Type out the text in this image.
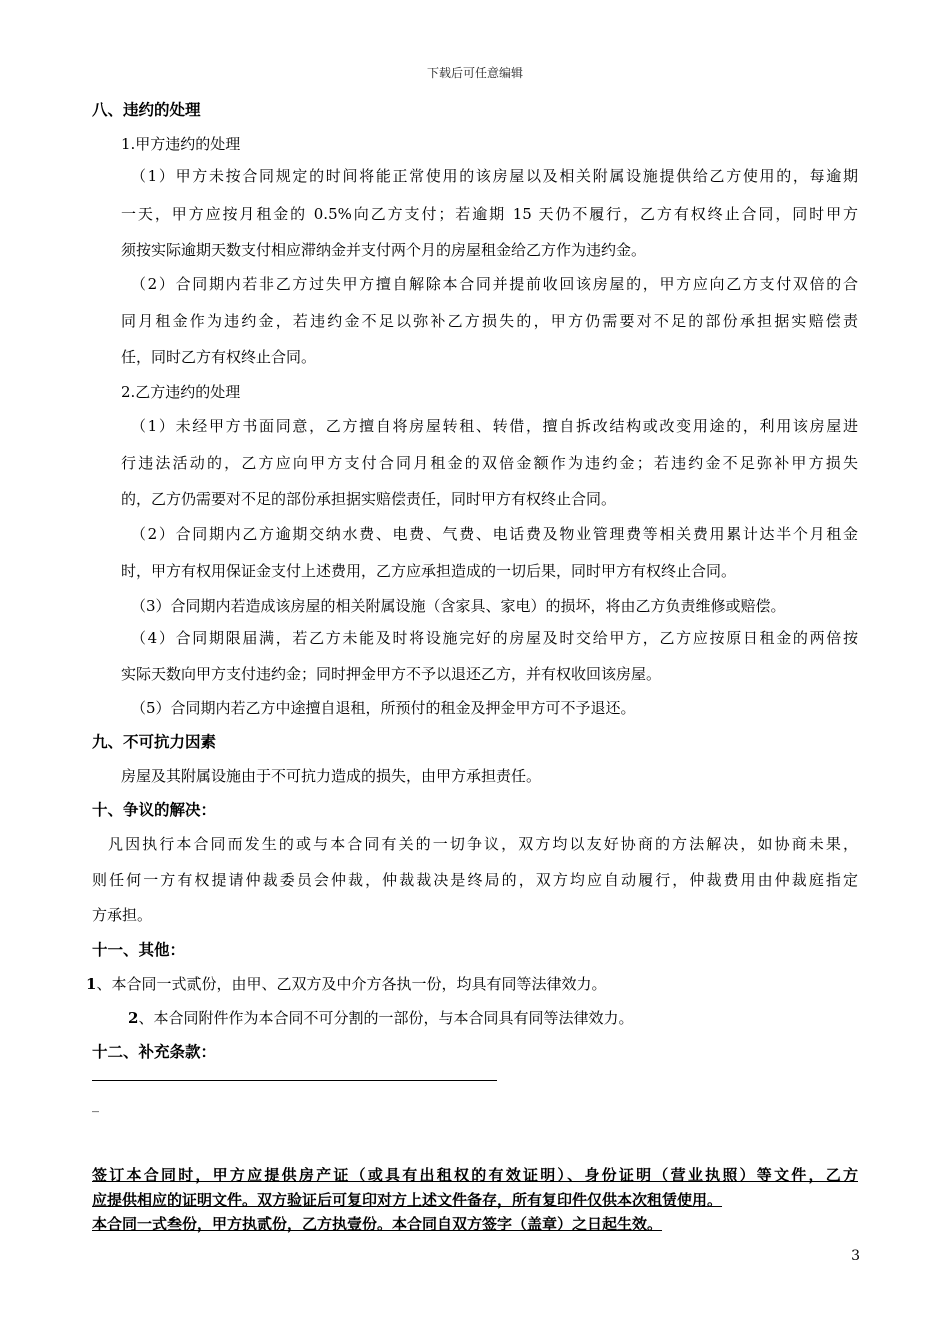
下载后可任意编辑
八、违约的处理
1.甲方违约的处理
（1）甲方未按合同规定的时间将能正常使用的该房屋以及相关附属设施提供给乙方使用的，每逾期
一天，甲方应按月租金的 0.5%向乙方支付；若逾期 15 天仍不履行，乙方有权终止合同，同时甲方
须按实际逾期天数支付相应滞纳金并支付两个月的房屋租金给乙方作为违约金。
（2）合同期内若非乙方过失甲方擅自解除本合同并提前收回该房屋的，甲方应向乙方支付双倍的合
同月租金作为违约金，若违约金不足以弥补乙方损失的，甲方仍需要对不足的部份承担据实赔偿责
任，同时乙方有权终止合同。
2.乙方违约的处理
（1）未经甲方书面同意，乙方擅自将房屋转租、转借，擅自拆改结构或改变用途的，利用该房屋进
行违法活动的，乙方应向甲方支付合同月租金的双倍金额作为违约金；若违约金不足弥补甲方损失
的，乙方仍需要对不足的部份承担据实赔偿责任，同时甲方有权终止合同。
（2）合同期内乙方逾期交纳水费、电费、气费、电话费及物业管理费等相关费用累计达半个月租金
时，甲方有权用保证金支付上述费用，乙方应承担造成的一切后果，同时甲方有权终止合同。
（3）合同期内若造成该房屋的相关附属设施（含家具、家电）的损坏，将由乙方负责维修或赔偿。
（4）合同期限届满，若乙方未能及时将设施完好的房屋及时交给甲方，乙方应按原日租金的两倍按
实际天数向甲方支付违约金；同时押金甲方不予以退还乙方，并有权收回该房屋。
（5）合同期内若乙方中途擅自退租，所预付的租金及押金甲方可不予退还。
九、不可抗力因素
房屋及其附属设施由于不可抗力造成的损失，由甲方承担责任。
十、争议的解决：
凡因执行本合同而发生的或与本合同有关的一切争议，双方均以友好协商的方法解决，如协商未果，
则任何一方有权提请仲裁委员会仲裁，仲裁裁决是终局的，双方均应自动履行，仲裁费用由仲裁庭指定
方承担。
十一、其他：
1、本合同一式贰份，由甲、乙双方及中介方各执一份，均具有同等法律效力。
2、本合同附件作为本合同不可分割的一部份，与本合同具有同等法律效力。
十二、补充条款：
_
签订本合同时，甲方应提供房产证（或具有出租权的有效证明）、身份证明（营业执照）等文件，乙方
应提供相应的证明文件。双方验证后可复印对方上述文件备存，所有复印件仅供本次租赁使用。
本合同一式叁份，甲方执贰份，乙方执壹份。本合同自双方签字（盖章）之日起生效。
3
